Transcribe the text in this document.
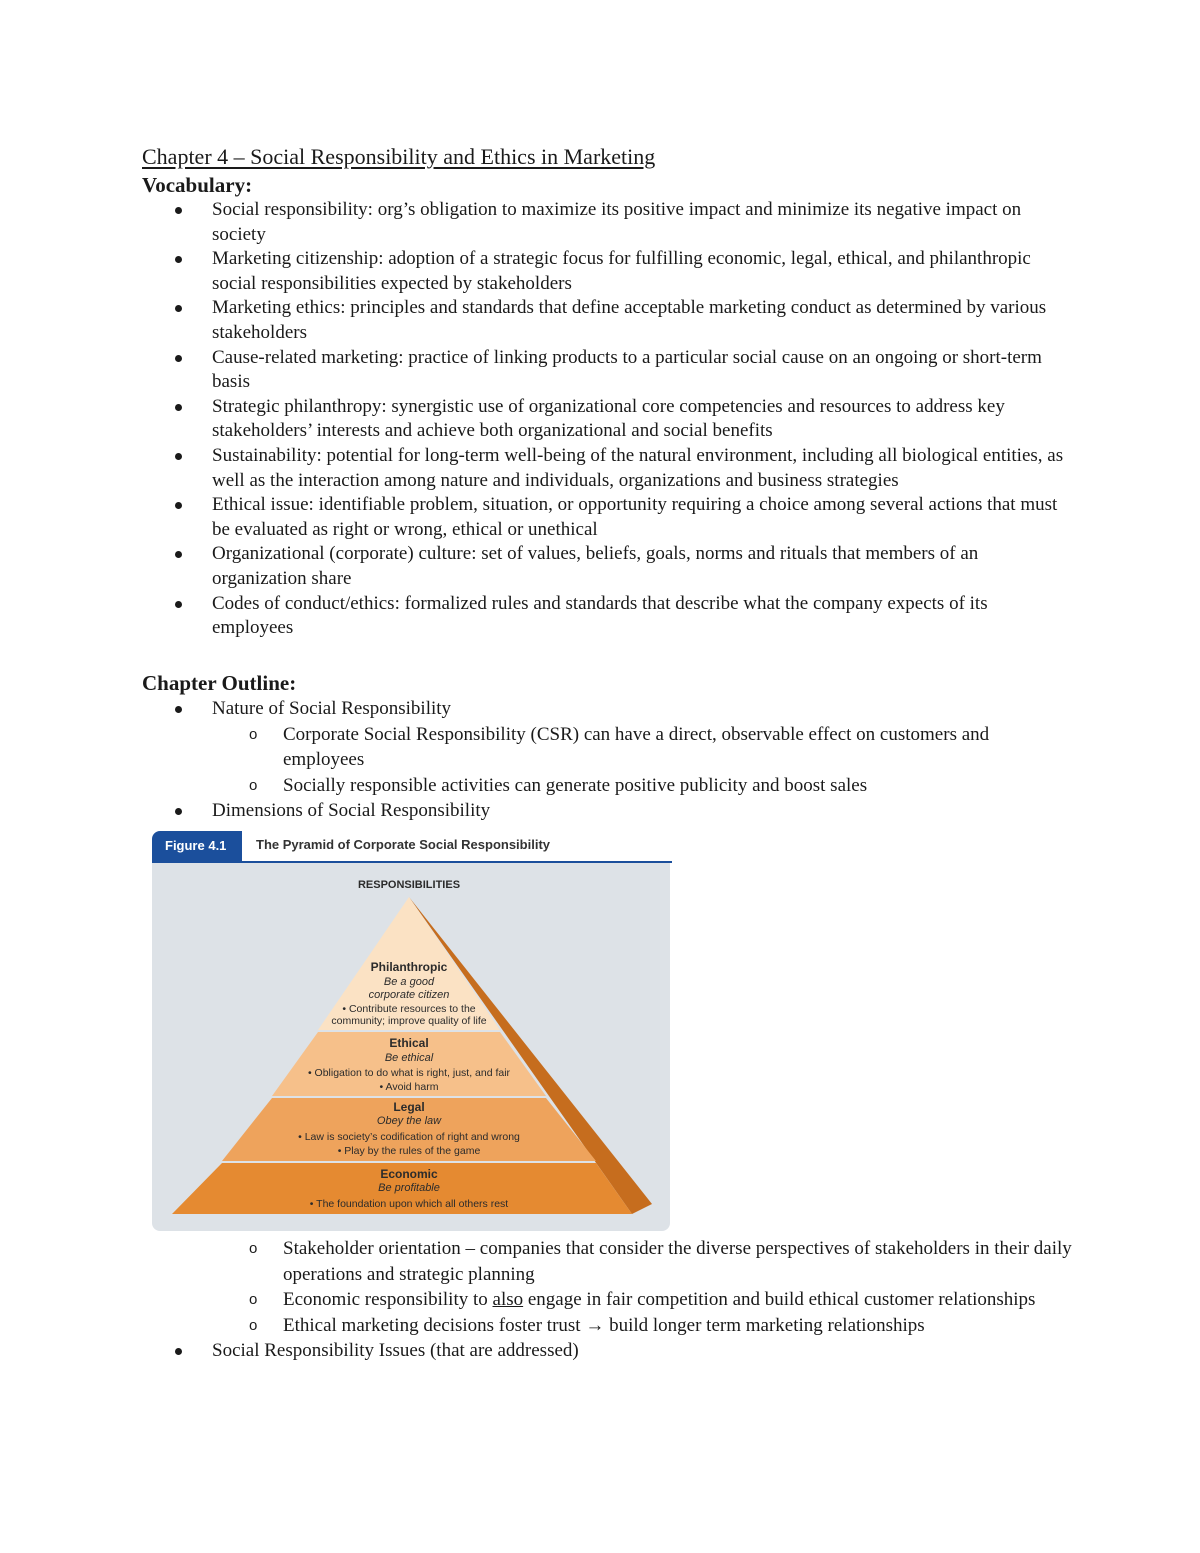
Chapter 4 – Social Responsibility and Ethics in Marketing
Vocabulary:
Social responsibility: org’s obligation to maximize its positive impact and minimize its negative impact on society
Marketing citizenship: adoption of a strategic focus for fulfilling economic, legal, ethical, and philanthropic social responsibilities expected by stakeholders
Marketing ethics: principles and standards that define acceptable marketing conduct as determined by various stakeholders
Cause-related marketing: practice of linking products to a particular social cause on an ongoing or short-term basis
Strategic philanthropy: synergistic use of organizational core competencies and resources to address key stakeholders’ interests and achieve both organizational and social benefits
Sustainability: potential for long-term well-being of the natural environment, including all biological entities, as well as the interaction among nature and individuals, organizations and business strategies
Ethical issue: identifiable problem, situation, or opportunity requiring a choice among several actions that must be evaluated as right or wrong, ethical or unethical
Organizational (corporate) culture: set of values, beliefs, goals, norms and rituals that members of an organization share
Codes of conduct/ethics: formalized rules and standards that describe what the company expects of its employees
Chapter Outline:
Nature of Social Responsibility
o Corporate Social Responsibility (CSR) can have a direct, observable effect on customers and employees
o Socially responsible activities can generate positive publicity and boost sales
Dimensions of Social Responsibility
Figure 4.1	The Pyramid of Corporate Social Responsibility
RESPONSIBILITIES
Philanthropic
Be a good
corporate citizen
• Contribute resources to the
community; improve quality of life
Ethical
Be ethical
• Obligation to do what is right, just, and fair
• Avoid harm
Legal
Obey the law
• Law is society’s codification of right and wrong
• Play by the rules of the game
Economic
Be profitable
• The foundation upon which all others rest
o Stakeholder orientation – companies that consider the diverse perspectives of stakeholders in their daily operations and strategic planning
o Economic responsibility to also engage in fair competition and build ethical customer relationships
o Ethical marketing decisions foster trust → build longer term marketing relationships
Social Responsibility Issues (that are addressed)
